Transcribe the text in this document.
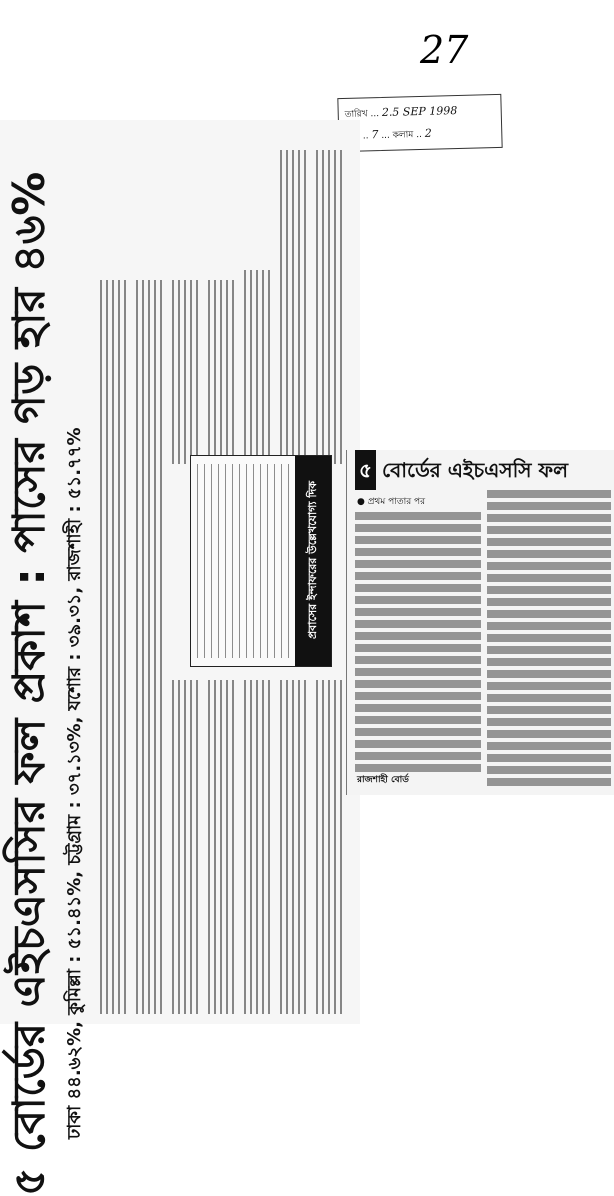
27
তারিখ ... 2.5 SEP 1998
.. 7 ... কলাম .. 2
৫ বোর্ডের এইচএসসির ফল প্রকাশ : পাসের গড় হার ৪৬% ঢাকা ৪৪.৬২%, কুমিল্লা : ৫১.৪১%, চট্টগ্রাম : ৩৭.১৩%, যশোর : ৩৯.৩১, রাজশাহী : ৫১.৭৭%	প্রবাসের ইন্দাফরের উল্লেখযোগ্য দিক
৫ বোর্ডের এইচএসসি ফল
● প্রথম পাতার পর
রাজশাহী বোর্ড
